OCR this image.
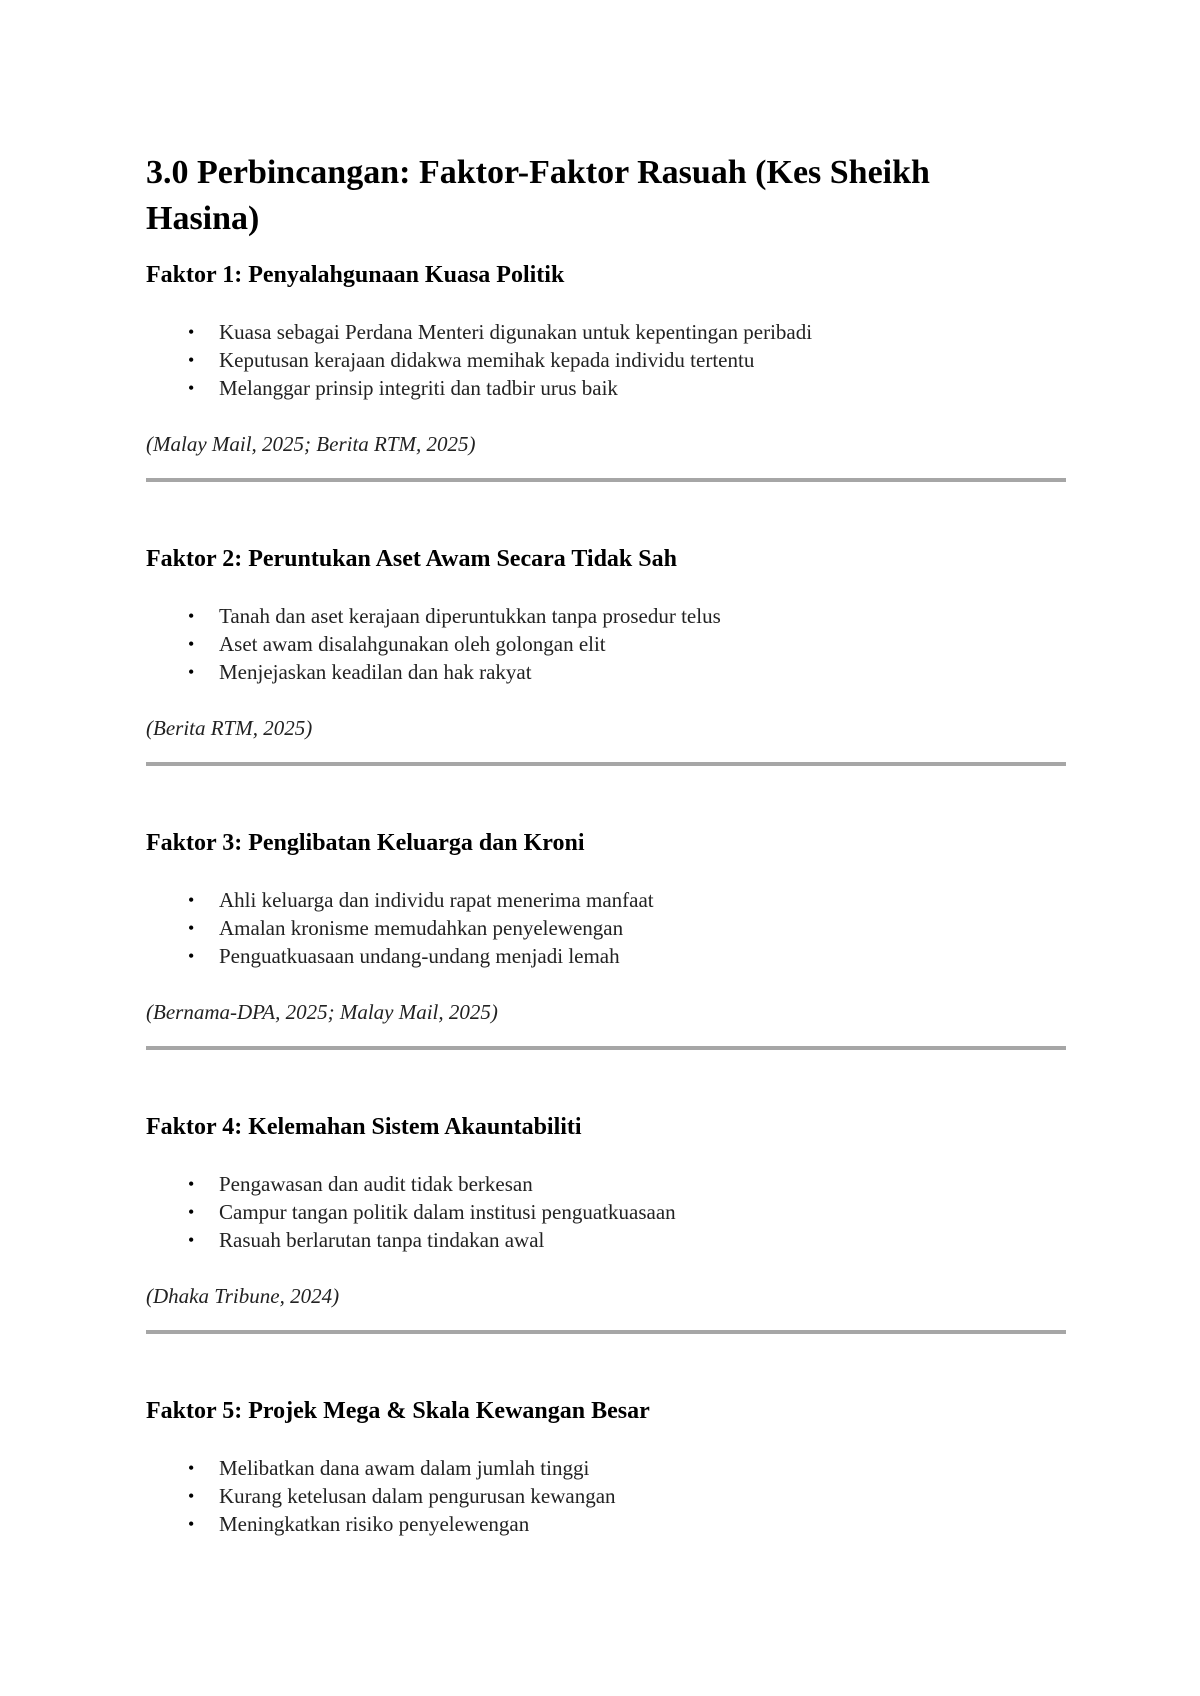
3.0 Perbincangan: Faktor-Faktor Rasuah (Kes Sheikh Hasina)
Faktor 1: Penyalahgunaan Kuasa Politik
• Kuasa sebagai Perdana Menteri digunakan untuk kepentingan peribadi
• Keputusan kerajaan didakwa memihak kepada individu tertentu
• Melanggar prinsip integriti dan tadbir urus baik

(Malay Mail, 2025; Berita RTM, 2025)

Faktor 2: Peruntukan Aset Awam Secara Tidak Sah
• Tanah dan aset kerajaan diperuntukkan tanpa prosedur telus
• Aset awam disalahgunakan oleh golongan elit
• Menjejaskan keadilan dan hak rakyat

(Berita RTM, 2025)

Faktor 3: Penglibatan Keluarga dan Kroni
• Ahli keluarga dan individu rapat menerima manfaat
• Amalan kronisme memudahkan penyelewengan
• Penguatkuasaan undang-undang menjadi lemah

(Bernama-DPA, 2025; Malay Mail, 2025)

Faktor 4: Kelemahan Sistem Akauntabiliti
• Pengawasan dan audit tidak berkesan
• Campur tangan politik dalam institusi penguatkuasaan
• Rasuah berlarutan tanpa tindakan awal

(Dhaka Tribune, 2024)

Faktor 5: Projek Mega & Skala Kewangan Besar
• Melibatkan dana awam dalam jumlah tinggi
• Kurang ketelusan dalam pengurusan kewangan
• Meningkatkan risiko penyelewengan
